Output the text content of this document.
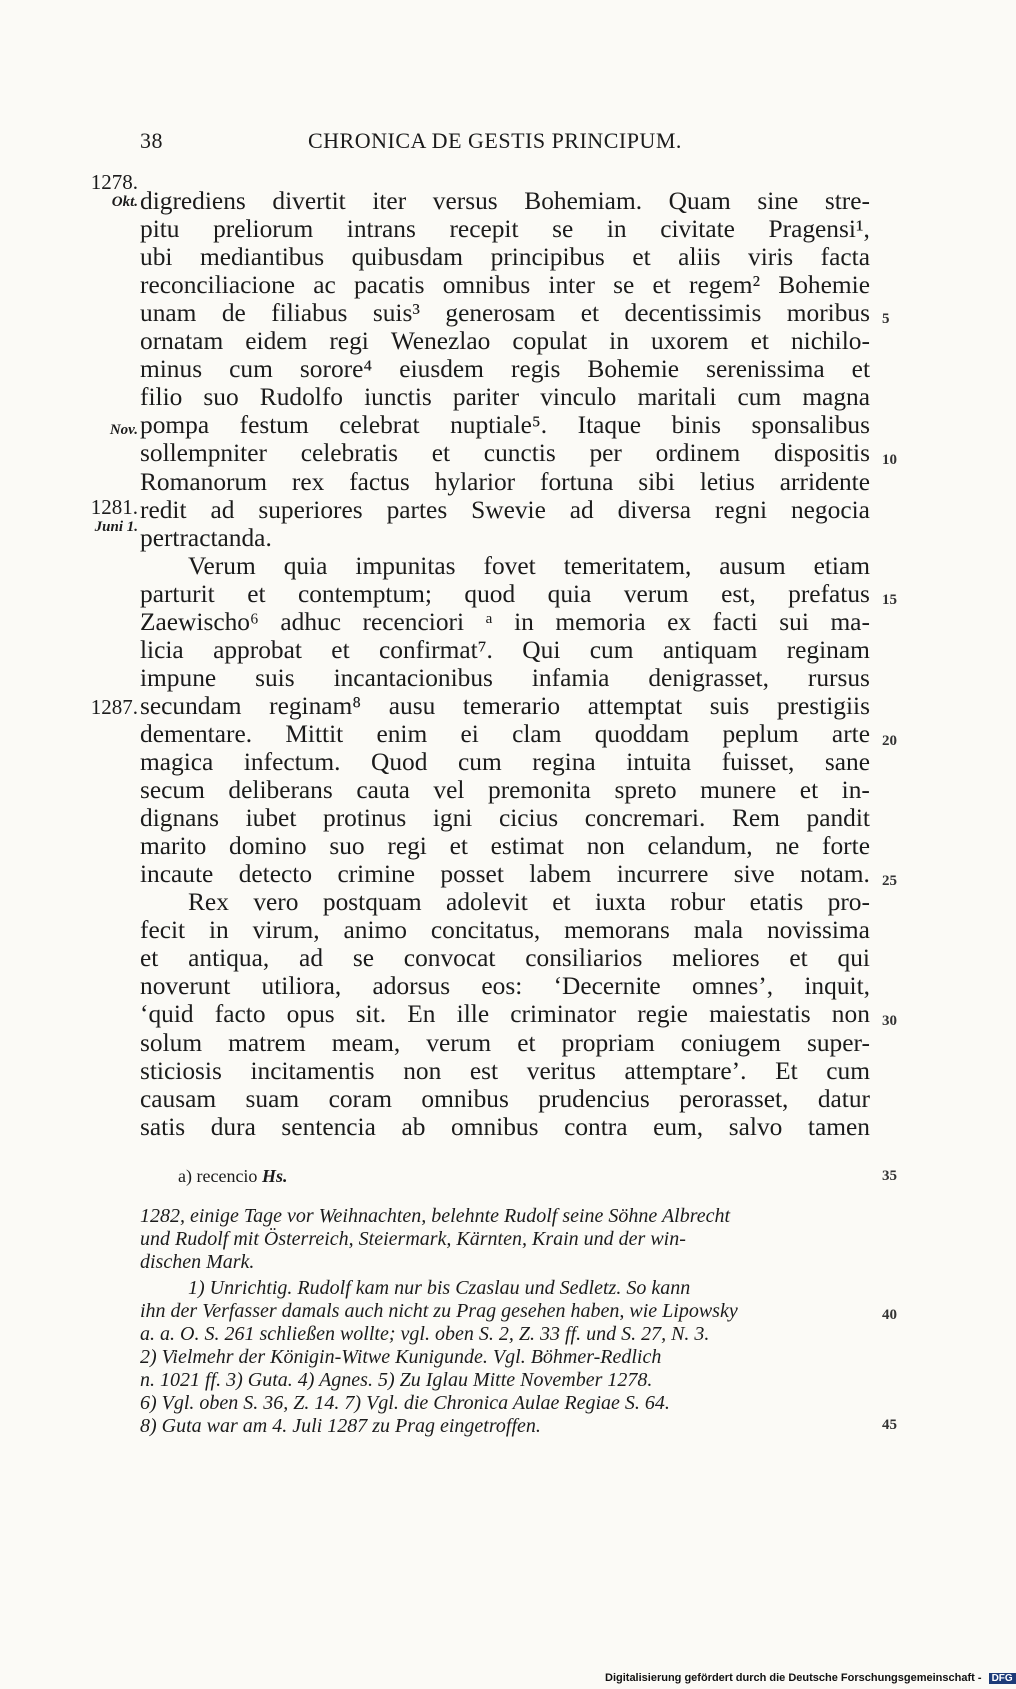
38	CHRONICA DE GESTIS PRINCIPUM.
1278.
Okt.
Nov.
1281.
Juni 1.
1287.
5
10
15
20
25
30
35
40
45
digrediens divertit iter versus Bohemiam. Quam sine stre-
pitu preliorum intrans recepit se in civitate Pragensi¹,
ubi mediantibus quibusdam principibus et aliis viris facta
reconciliacione ac pacatis omnibus inter se et regem² Bohemie
unam de filiabus suis³ generosam et decentissimis moribus
ornatam eidem regi Wenezlao copulat in uxorem et nichilo-
minus cum sorore⁴ eiusdem regis Bohemie serenissima et
filio suo Rudolfo iunctis pariter vinculo maritali cum magna
pompa festum celebrat nuptiale⁵. Itaque binis sponsalibus
sollempniter celebratis et cunctis per ordinem dispositis
Romanorum rex factus hylarior fortuna sibi letius arridente
redit ad superiores partes Swevie ad diversa regni negocia
pertractanda.
Verum quia impunitas fovet temeritatem, ausum etiam
parturit et contemptum; quod quia verum est, prefatus
Zaewischo⁶ adhuc recenciori ᵃ in memoria ex facti sui ma-
licia approbat et confirmat⁷. Qui cum antiquam reginam
impune suis incantacionibus infamia denigrasset, rursus
secundam reginam⁸ ausu temerario attemptat suis prestigiis
dementare. Mittit enim ei clam quoddam peplum arte
magica infectum. Quod cum regina intuita fuisset, sane
secum deliberans cauta vel premonita spreto munere et in-
dignans iubet protinus igni cicius concremari. Rem pandit
marito domino suo regi et estimat non celandum, ne forte
incaute detecto crimine posset labem incurrere sive notam.
Rex vero postquam adolevit et iuxta robur etatis pro-
fecit in virum, animo concitatus, memorans mala novissima
et antiqua, ad se convocat consiliarios meliores et qui
noverunt utiliora, adorsus eos: ‘Decernite omnes’, inquit,
‘quid facto opus sit. En ille criminator regie maiestatis non
solum matrem meam, verum et propriam coniugem super-
sticiosis incitamentis non est veritus attemptare’. Et cum
causam suam coram omnibus prudencius perorasset, datur
satis dura sentencia ab omnibus contra eum, salvo tamen
a) recencio Hs.
1282, einige Tage vor Weihnachten, belehnte Rudolf seine Söhne Albrecht
und Rudolf mit Österreich, Steiermark, Kärnten, Krain und der win-
dischen Mark.
1) Unrichtig. Rudolf kam nur bis Czaslau und Sedletz. So kann
ihn der Verfasser damals auch nicht zu Prag gesehen haben, wie Lipowsky
a. a. O. S. 261 schließen wollte; vgl. oben S. 2, Z. 33 ff. und S. 27, N. 3.
2) Vielmehr der Königin-Witwe Kunigunde. Vgl. Böhmer-Redlich
n. 1021 ff. 3) Guta. 4) Agnes. 5) Zu Iglau Mitte November 1278.
6) Vgl. oben S. 36, Z. 14. 7) Vgl. die Chronica Aulae Regiae S. 64.
8) Guta war am 4. Juli 1287 zu Prag eingetroffen.
Digitalisierung gefördert durch die Deutsche Forschungsgemeinschaft - DFG
